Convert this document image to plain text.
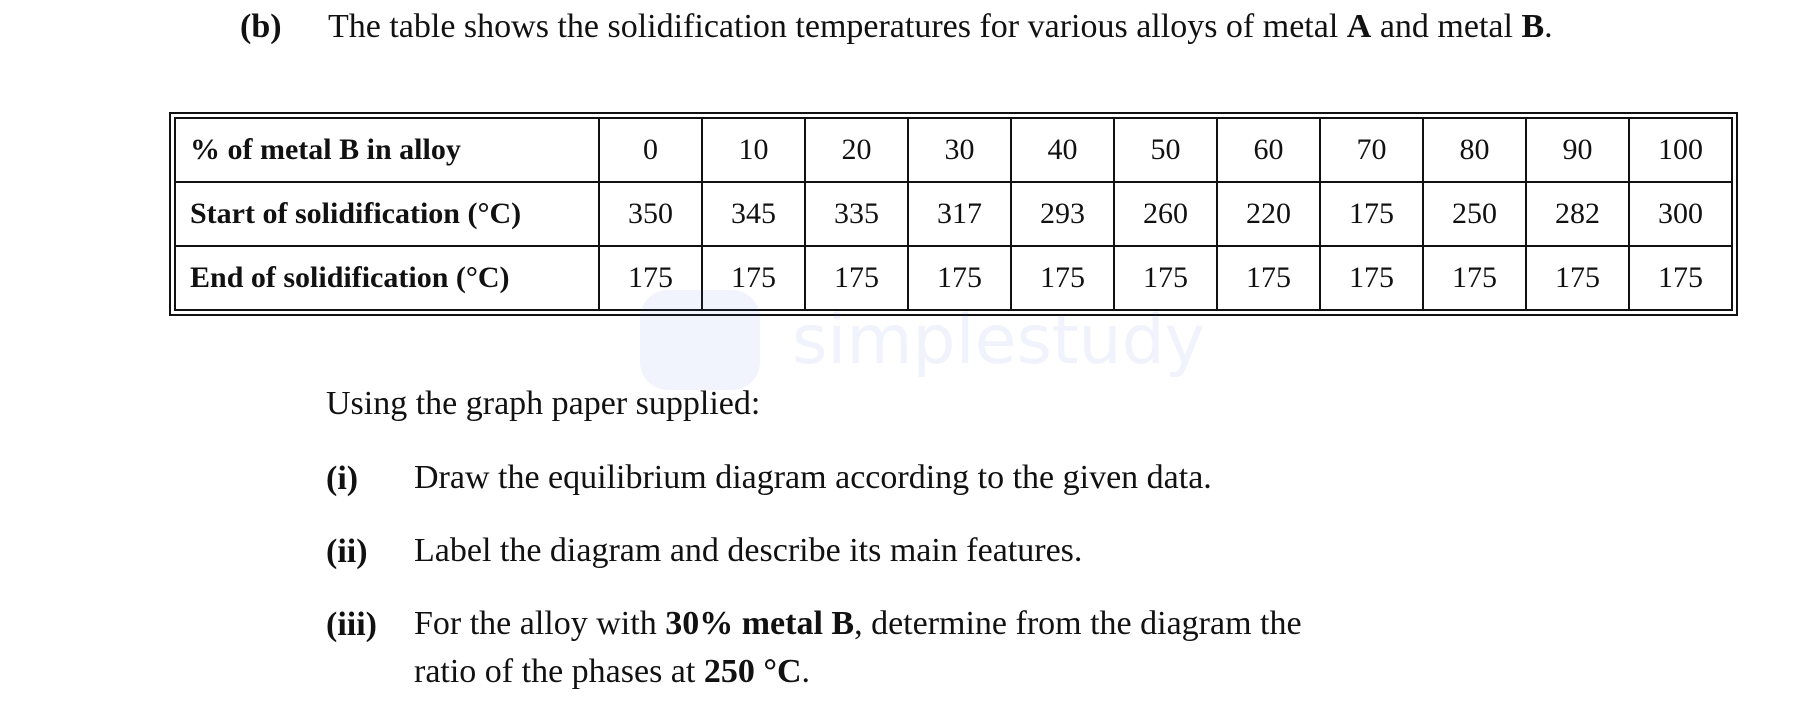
(b) The table shows the solidification temperatures for various alloys of metal A and metal B.
% of metal B in alloy	0	10	20	30	40	50	60	70	80	90	100
Start of solidification (°C)	350	345	335	317	293	260	220	175	250	282	300
End of solidification (°C)	175	175	175	175	175	175	175	175	175	175	175
simplestudy
Using the graph paper supplied:
(i) Draw the equilibrium diagram according to the given data.
(ii) Label the diagram and describe its main features.
(iii) For the alloy with 30% metal B, determine from the diagram the
ratio of the phases at 250 °C.
